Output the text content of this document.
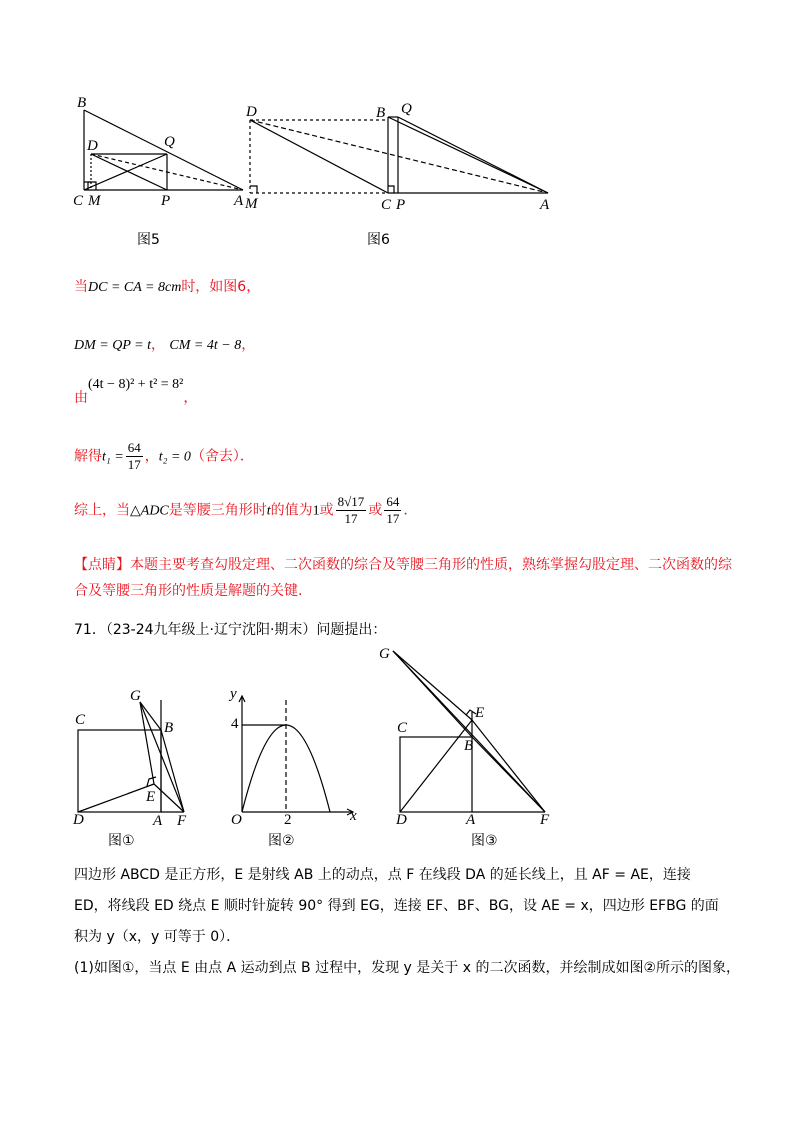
B
D	Q
C M	P	A
图5
D	B Q
M	C P	A
图6
当DC = CA = 8cm时，如图6，
DM = QP = t， CM = 4t − 8，
由(4t − 8)² + t² = 8²，
解得$t_1 = \frac{64}{17}$ ，t₂ = 0（舍去）．
综上，当△ADC是等腰三角形时t的值为1或 $\frac{8√17}{17}$ 或 $\frac{64}{17}$ ．
【点睛】本题主要考查勾股定理、二次函数的综合及等腰三角形的性质，熟练掌握勾股定理、二次函数的综合及等腰三角形的性质是解题的关键.
71．（23-24九年级上·辽宁沈阳·期末）问题提出：
C
G
B
E
D	A F
图①
y
4
O	2	x
图②
G
E
C
B
D	A	F
图③
四边形 ABCD 是正方形，E 是射线 AB 上的动点，点 F 在线段 DA 的延长线上，且 AF = AE，连接 ED，将线段 ED 绕点 E 顺时针旋转 90° 得到 EG，连接 EF、BF、BG，设 AE = x，四边形 EFBG 的面积为 y（x，y 可等于 0）．
(1)如图①，当点 E 由点 A 运动到点 B 过程中，发现 y 是关于 x 的二次函数，并绘制成如图②所示的图象，
